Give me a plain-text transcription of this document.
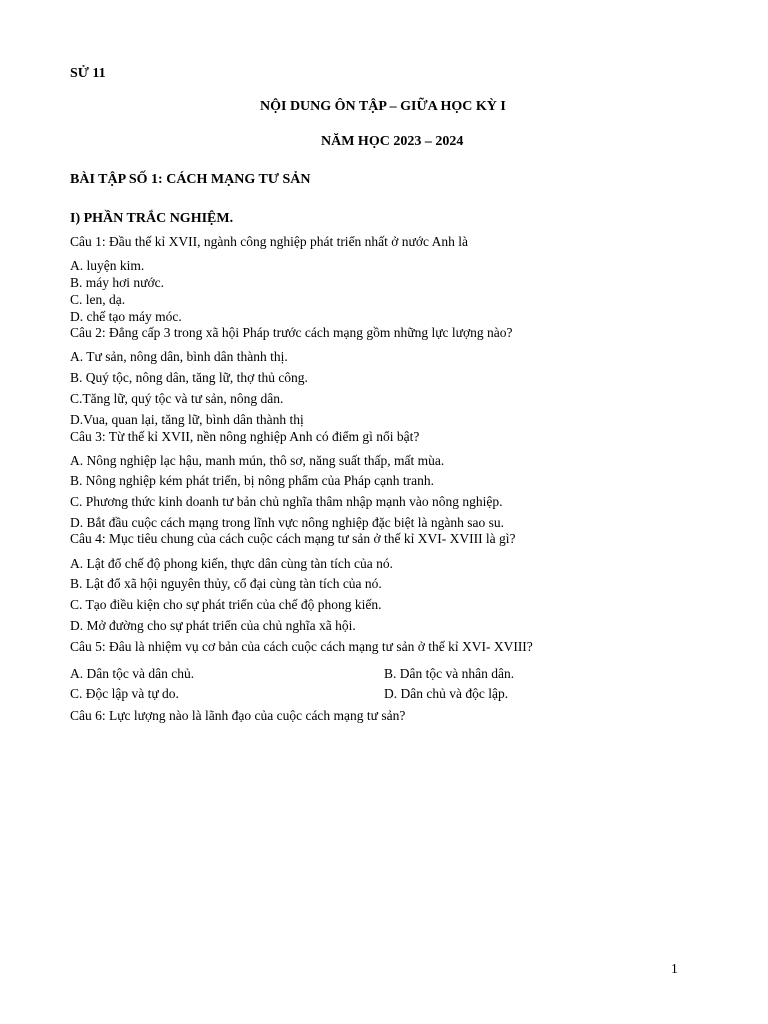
SỬ 11
NỘI DUNG ÔN TẬP – GIỮA HỌC KỲ I
NĂM HỌC 2023 – 2024
BÀI TẬP SỐ 1: CÁCH MẠNG TƯ SẢN
I) PHẦN TRẮC NGHIỆM.
Câu 1: Đầu thế kỉ XVII, ngành công nghiệp phát triển nhất ở nước Anh là
A. luyện kim.
B. máy hơi nước.
C. len, dạ.
D. chế tạo máy móc.
Câu 2: Đẳng cấp 3 trong xã hội Pháp trước cách mạng gồm những lực lượng nào?
A. Tư sản, nông dân, bình dân thành thị.
B. Quý tộc, nông dân, tăng lữ, thợ thủ công.
C.Tăng lữ, quý tộc và tư sản, nông dân.
D.Vua, quan lại, tăng lữ, bình dân thành thị
Câu 3: Từ thế kỉ XVII, nền nông nghiệp Anh có điểm gì nổi bật?
A. Nông nghiệp lạc hậu, manh mún, thô sơ, năng suất thấp, mất mùa.
B. Nông nghiệp kém phát triển, bị nông phẩm của Pháp cạnh tranh.
C. Phương thức kinh doanh tư bản chủ nghĩa thâm nhập mạnh vào nông nghiệp.
D. Bắt đầu cuộc cách mạng trong lĩnh vực nông nghiệp đặc biệt là ngành sao su.
Câu 4: Mục tiêu chung của cách cuộc cách mạng tư sản ở thế kỉ XVI- XVIII là gì?
A. Lật đổ chế độ phong kiến, thực dân cùng tàn tích của nó.
B. Lật đổ xã hội nguyên thủy, cổ đại cùng tàn tích của nó.
C. Tạo điều kiện cho sự phát triển của chế độ phong kiến.
D. Mở đường cho sự phát triển của chủ nghĩa xã hội.
Câu 5: Đâu là nhiệm vụ cơ bản của cách cuộc cách mạng tư sản ở thế kỉ XVI- XVIII?
A. Dân tộc và dân chủ.	B. Dân tộc và nhân dân.
C. Độc lập và tự do.	D. Dân chủ và độc lập.
Câu 6: Lực lượng nào là lãnh đạo của cuộc cách mạng tư sản?
1
